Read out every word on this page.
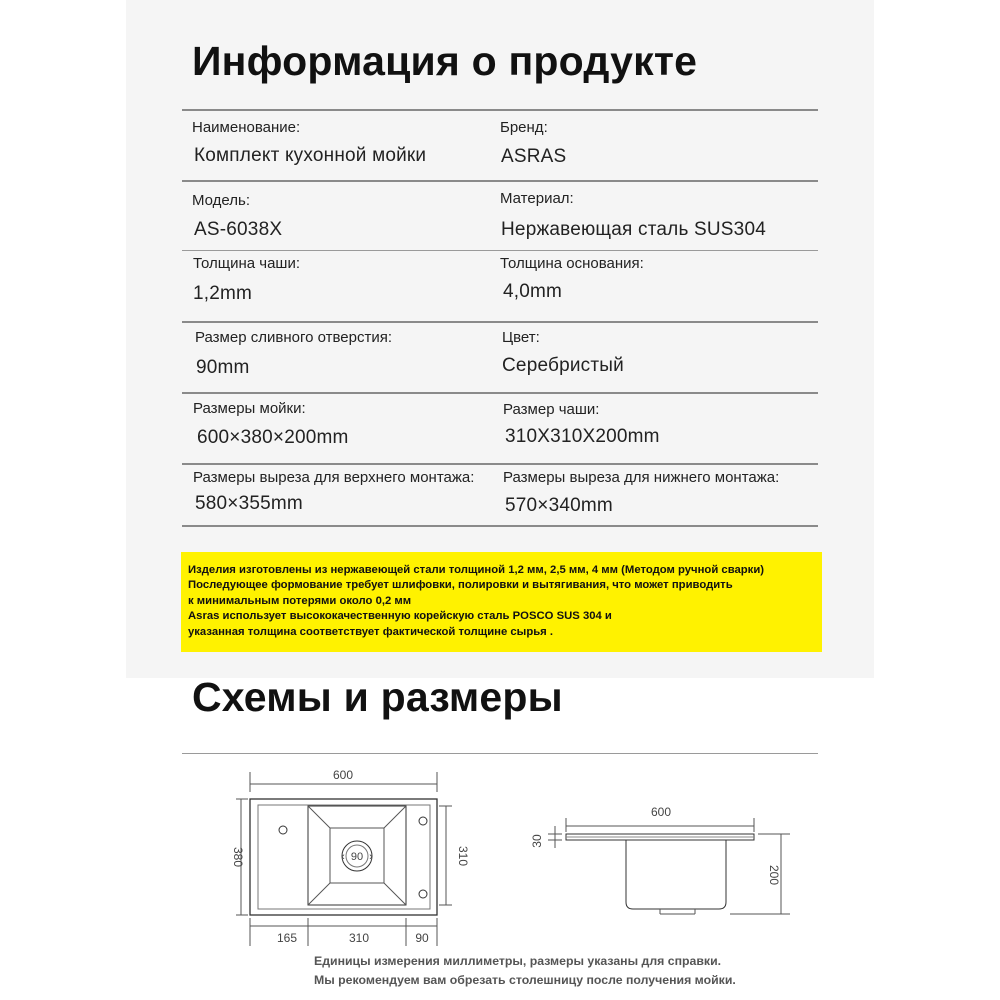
Информация о продукте
Наименование:
Комплект кухонной мойки
Бренд:
ASRAS
Модель:
AS-6038X
Материал:
Нержавеющая сталь SUS304
Толщина чаши:
1,2mm
Толщина основания:
4,0mm
Размер сливного отверстия:
90mm
Цвет:
Серебристый
Размеры мойки:
600×380×200mm
Размер чаши:
310X310X200mm
Размеры выреза для верхнего монтажа:
580×355mm
Размеры выреза для нижнего монтажа:
570×340mm
Изделия изготовлены из нержавеющей стали толщиной 1,2 мм, 2,5 мм, 4 мм (Методом ручной сварки)
Последующее формование требует шлифовки, полировки и вытягивания, что может приводить
к минимальным потерями около 0,2 мм
Asras использует высококачественную корейскую сталь POSCO SUS 304 и
указанная толщина соответствует фактической толщине сырья .
Схемы и размеры
600
380	310
90
‹ ›
165	310	90
600
30
200
Единицы измерения миллиметры, размеры указаны для справки.
Мы рекомендуем вам обрезать столешницу после получения мойки.
